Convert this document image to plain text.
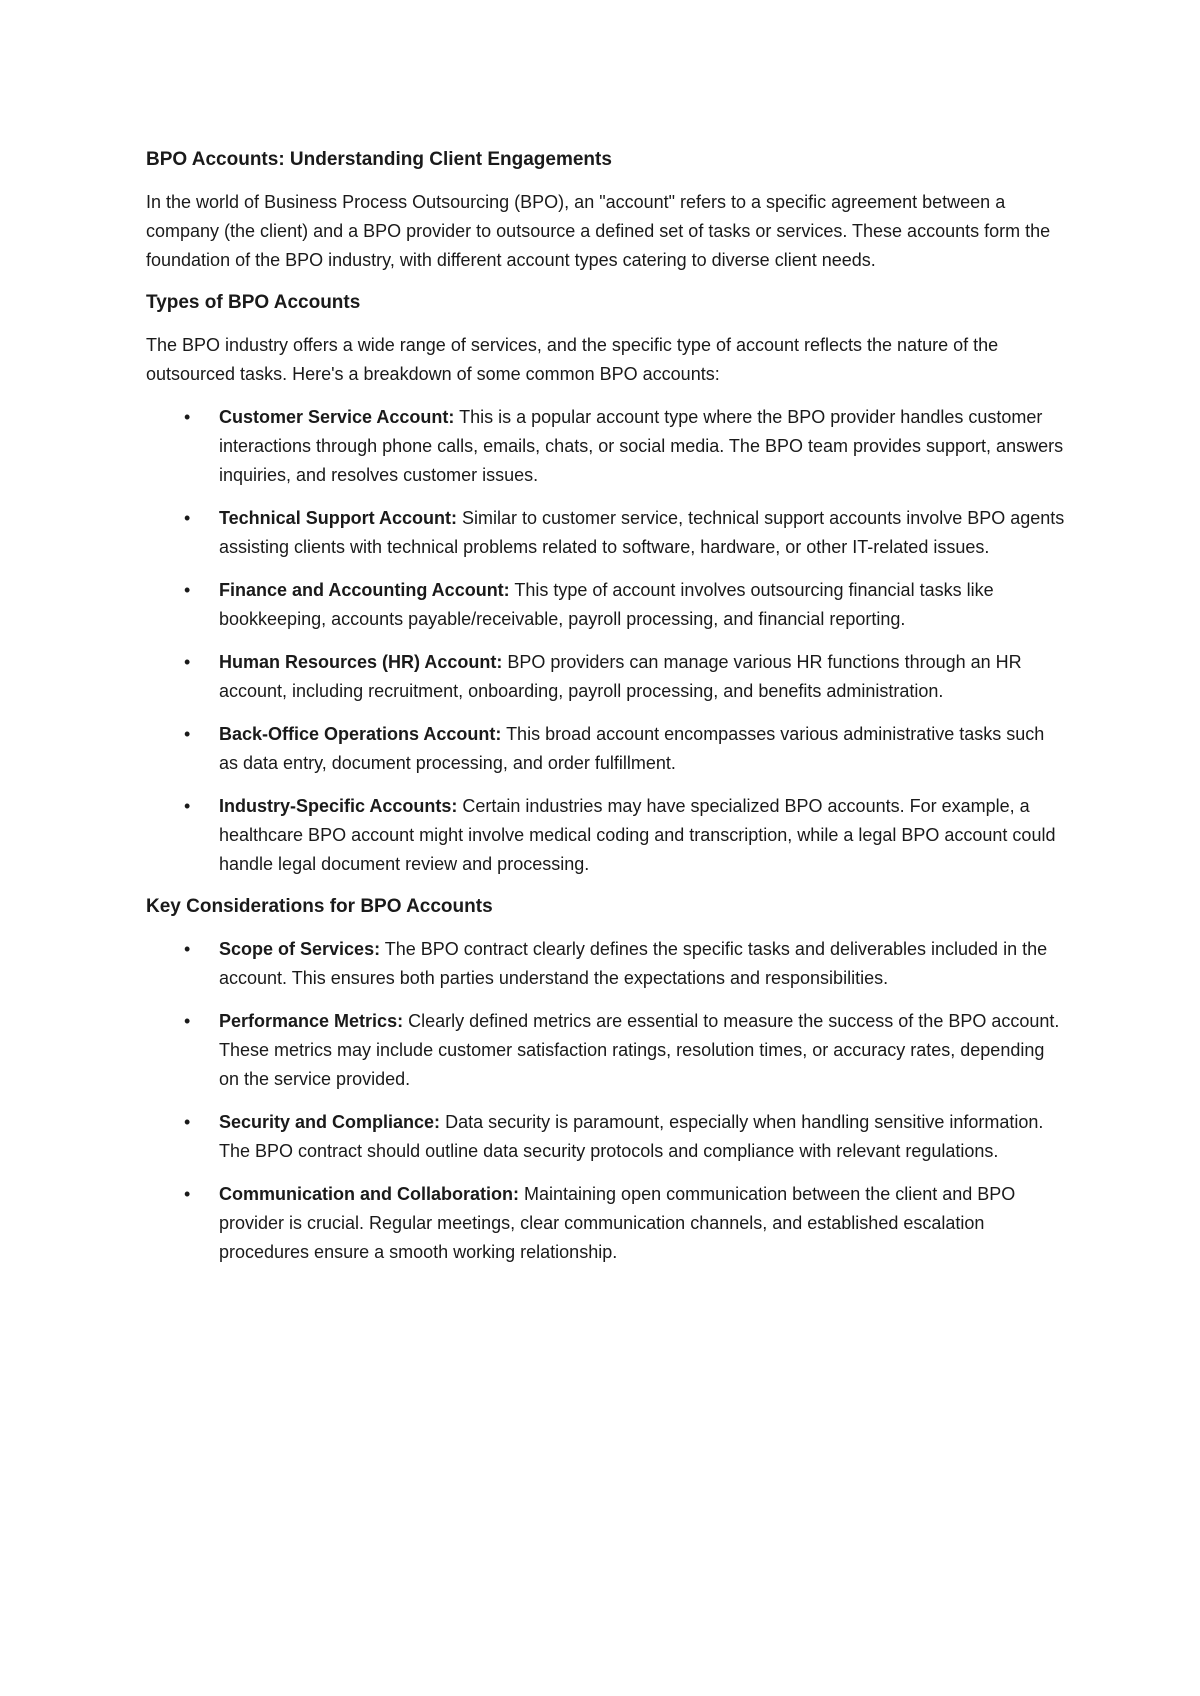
BPO Accounts: Understanding Client Engagements

In the world of Business Process Outsourcing (BPO), an "account" refers to a specific agreement between a company (the client) and a BPO provider to outsource a defined set of tasks or services. These accounts form the foundation of the BPO industry, with different account types catering to diverse client needs.

Types of BPO Accounts

The BPO industry offers a wide range of services, and the specific type of account reflects the nature of the outsourced tasks. Here's a breakdown of some common BPO accounts:

• Customer Service Account: This is a popular account type where the BPO provider handles customer interactions through phone calls, emails, chats, or social media. The BPO team provides support, answers inquiries, and resolves customer issues.
• Technical Support Account: Similar to customer service, technical support accounts involve BPO agents assisting clients with technical problems related to software, hardware, or other IT-related issues.
• Finance and Accounting Account: This type of account involves outsourcing financial tasks like bookkeeping, accounts payable/receivable, payroll processing, and financial reporting.
• Human Resources (HR) Account: BPO providers can manage various HR functions through an HR account, including recruitment, onboarding, payroll processing, and benefits administration.
• Back-Office Operations Account: This broad account encompasses various administrative tasks such as data entry, document processing, and order fulfillment.
• Industry-Specific Accounts: Certain industries may have specialized BPO accounts. For example, a healthcare BPO account might involve medical coding and transcription, while a legal BPO account could handle legal document review and processing.
Key Considerations for BPO Accounts
• Scope of Services: The BPO contract clearly defines the specific tasks and deliverables included in the account. This ensures both parties understand the expectations and responsibilities.
• Performance Metrics: Clearly defined metrics are essential to measure the success of the BPO account. These metrics may include customer satisfaction ratings, resolution times, or accuracy rates, depending on the service provided.
• Security and Compliance: Data security is paramount, especially when handling sensitive information. The BPO contract should outline data security protocols and compliance with relevant regulations.
• Communication and Collaboration: Maintaining open communication between the client and BPO provider is crucial. Regular meetings, clear communication channels, and established escalation procedures ensure a smooth working relationship.
